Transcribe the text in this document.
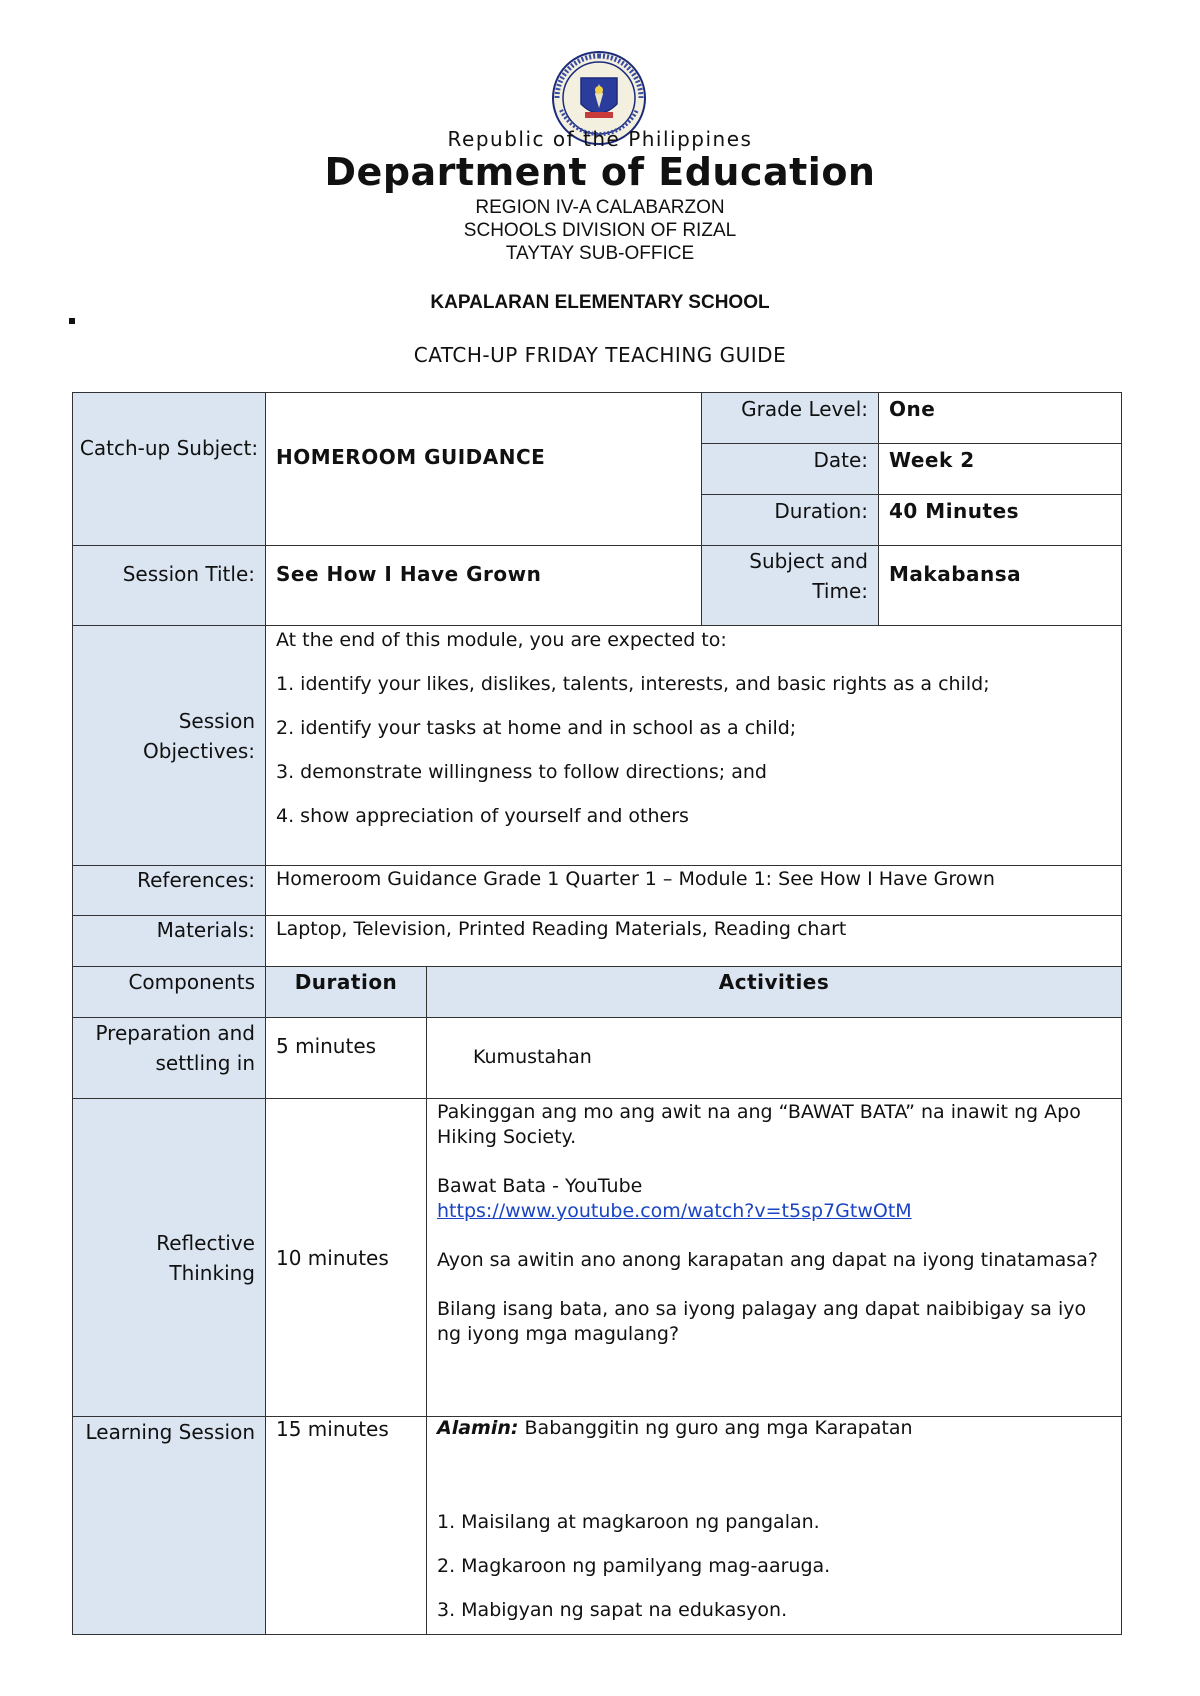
Republic of the Philippines
Department of Education
REGION IV-A CALABARZON
SCHOOLS DIVISION OF RIZAL
TAYTAY SUB-OFFICE
KAPALARAN ELEMENTARY SCHOOL
CATCH-UP FRIDAY TEACHING GUIDE
Catch-up Subject:	HOMEROOM GUIDANCE		Grade Level:	One

			Date:	Week 2

			Duration:	40 Minutes

Session Title:	See How I Have Grown		Subject and Time:	Makabansa

Session Objectives:	At the end of this module, you are expected to:

1. identify your likes, dislikes, talents, interests, and basic rights as a child;

2. identify your tasks at home and in school as a child;

3. demonstrate willingness to follow directions; and

4. show appreciation of yourself and others			

References:	Homeroom Guidance Grade 1 Quarter 1 – Module 1: See How I Have Grown			

Materials:	Laptop, Television, Printed Reading Materials, Reading chart			

Components	Duration	Activities		

Preparation and settling in	5 minutes	Kumustahan		

Reflective Thinking	10 minutes	Pakinggan ang mo ang awit na ang “BAWAT BATA” na inawit ng Apo Hiking Society.

Bawat Bata - YouTube

https://www.youtube.com/watch?v=t5sp7GtwOtM

Ayon sa awitin ano anong karapatan ang dapat na iyong tinatamasa?

Bilang isang bata, ano sa iyong palagay ang dapat naibibigay sa iyo ng iyong mga magulang?		

Learning Session	15 minutes	Alamin: Babanggitin ng guro ang mga Karapatan

1. Maisilang at magkaroon ng pangalan.

2. Magkaroon ng pamilyang mag-aaruga.

3. Mabigyan ng sapat na edukasyon.		
